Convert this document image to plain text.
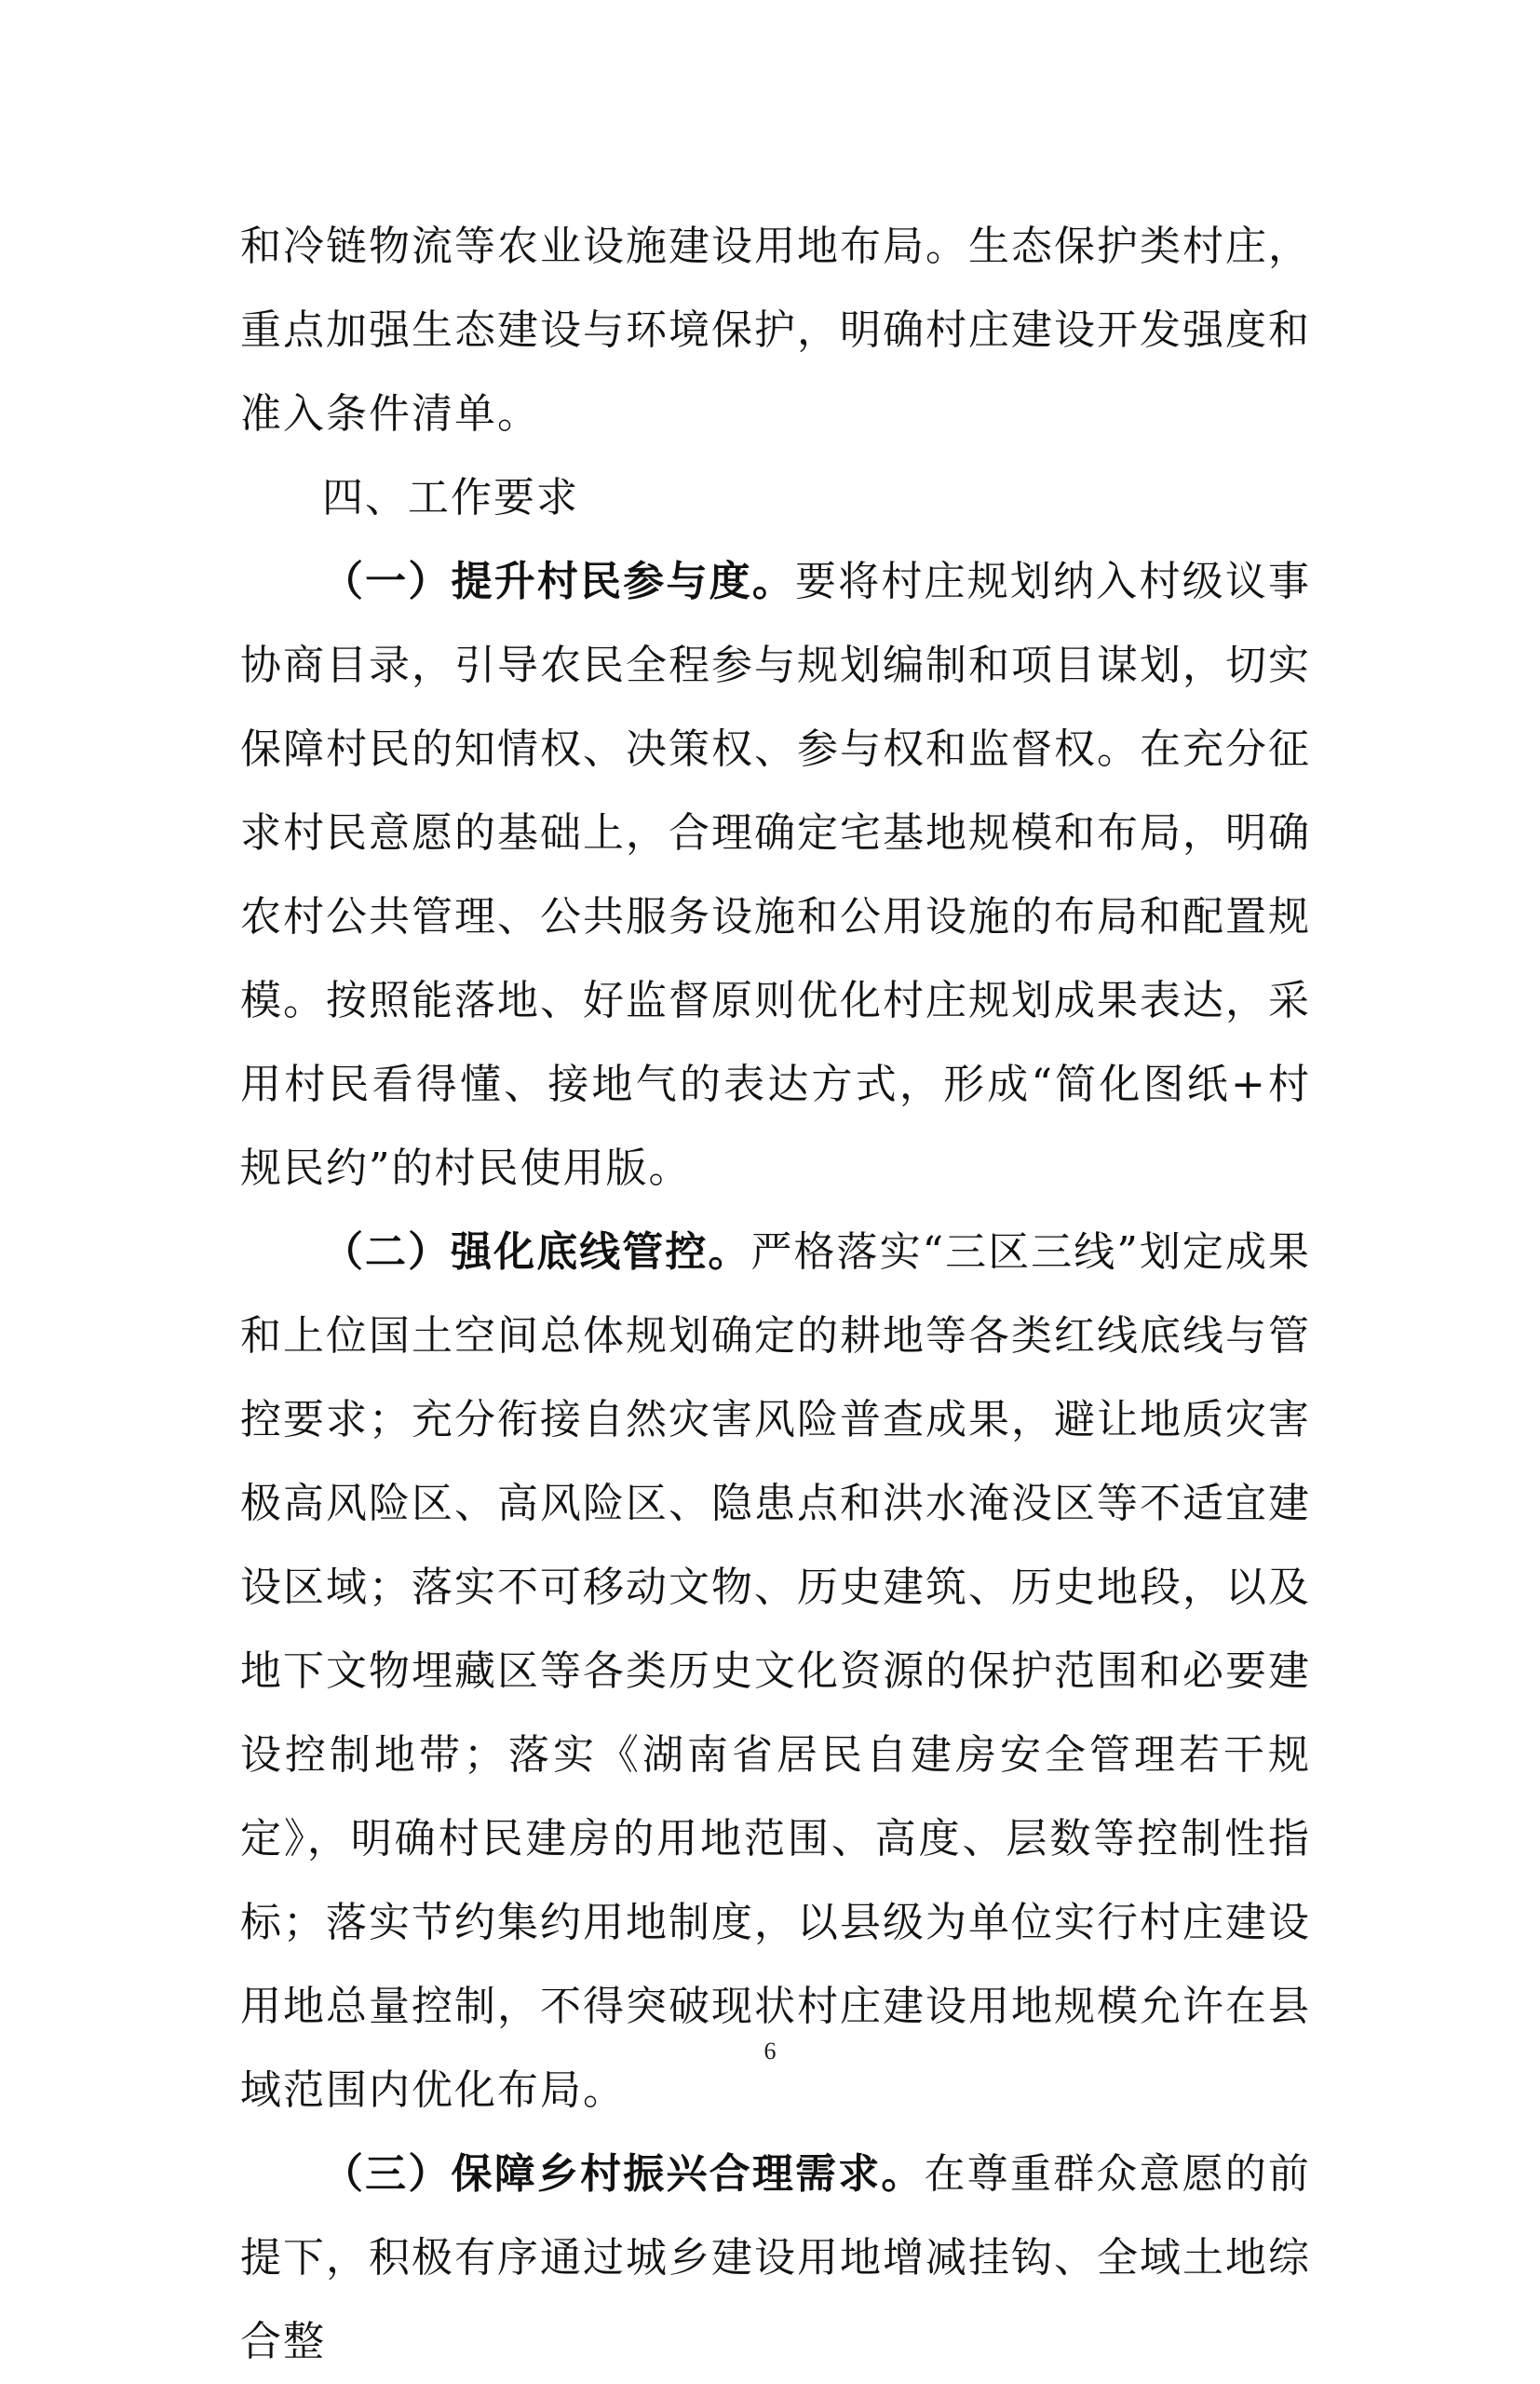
和冷链物流等农业设施建设用地布局。生态保护类村庄，重点加强生态建设与环境保护，明确村庄建设开发强度和准入条件清单。

四、工作要求

（一）提升村民参与度。要将村庄规划纳入村级议事协商目录，引导农民全程参与规划编制和项目谋划，切实保障村民的知情权、决策权、参与权和监督权。在充分征求村民意愿的基础上，合理确定宅基地规模和布局，明确农村公共管理、公共服务设施和公用设施的布局和配置规模。按照能落地、好监督原则优化村庄规划成果表达，采用村民看得懂、接地气的表达方式，形成“简化图纸+村规民约”的村民使用版。

（二）强化底线管控。严格落实“三区三线”划定成果和上位国土空间总体规划确定的耕地等各类红线底线与管控要求；充分衔接自然灾害风险普查成果，避让地质灾害极高风险区、高风险区、隐患点和洪水淹没区等不适宜建设区域；落实不可移动文物、历史建筑、历史地段，以及地下文物埋藏区等各类历史文化资源的保护范围和必要建设控制地带；落实《湖南省居民自建房安全管理若干规定》，明确村民建房的用地范围、高度、层数等控制性指标；落实节约集约用地制度，以县级为单位实行村庄建设用地总量控制，不得突破现状村庄建设用地规模允许在县域范围内优化布局。

（三）保障乡村振兴合理需求。在尊重群众意愿的前提下，积极有序通过城乡建设用地增减挂钩、全域土地综合整

6
